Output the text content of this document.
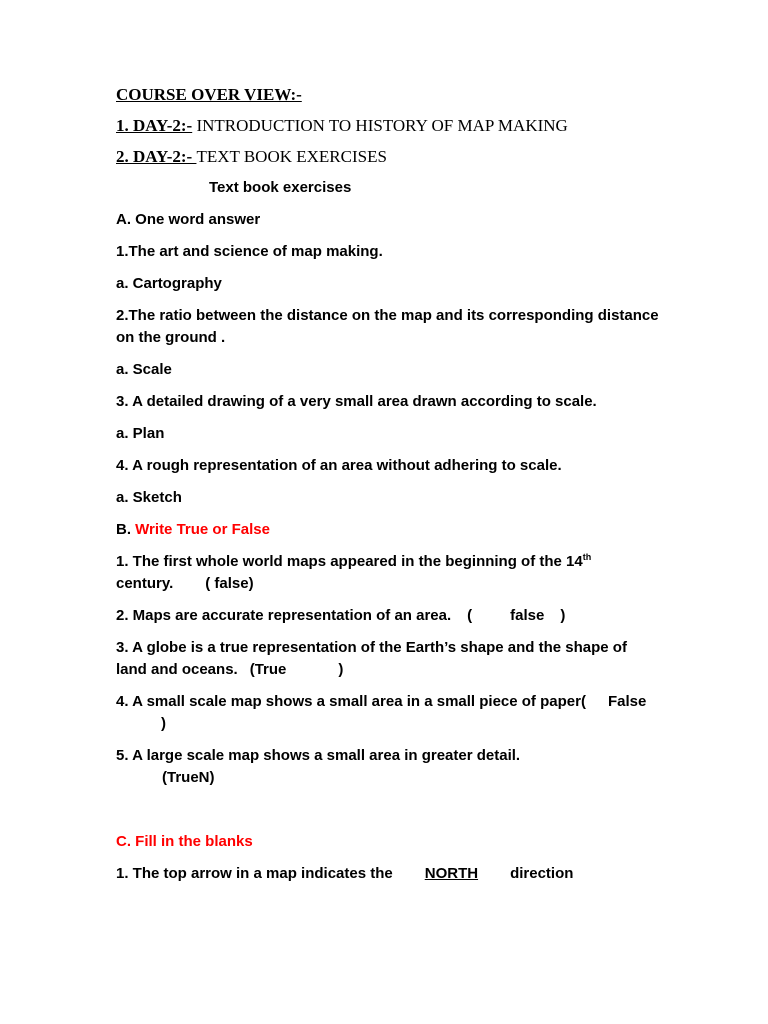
COURSE OVER VIEW:-

1. DAY-2:- INTRODUCTION TO HISTORY OF MAP MAKING

2. DAY-2:- TEXT BOOK EXERCISES

Text book exercises

A. One word answer

1.The art and science of map making.

a. Cartography

2.The ratio between the distance on the map and its corresponding distance on the ground .

a. Scale

3. A detailed drawing of a very small area drawn according to scale.

a. Plan

4. A rough representation of an area without adhering to scale.

a. Sketch

B. Write True or False

1. The first whole world maps appeared in the beginning of the 14th
century. ( false)

2. Maps are accurate representation of an area. (	false )

3. A globe is a true representation of the Earth’s shape and the shape of land and oceans. (True	)

4. A small scale map shows a small area in a small piece of paper( False
)

5. A large scale map shows a small area in greater detail.
(TrueN)

C. Fill in the blanks

1. The top arrow in a map indicates the NORTH direction
